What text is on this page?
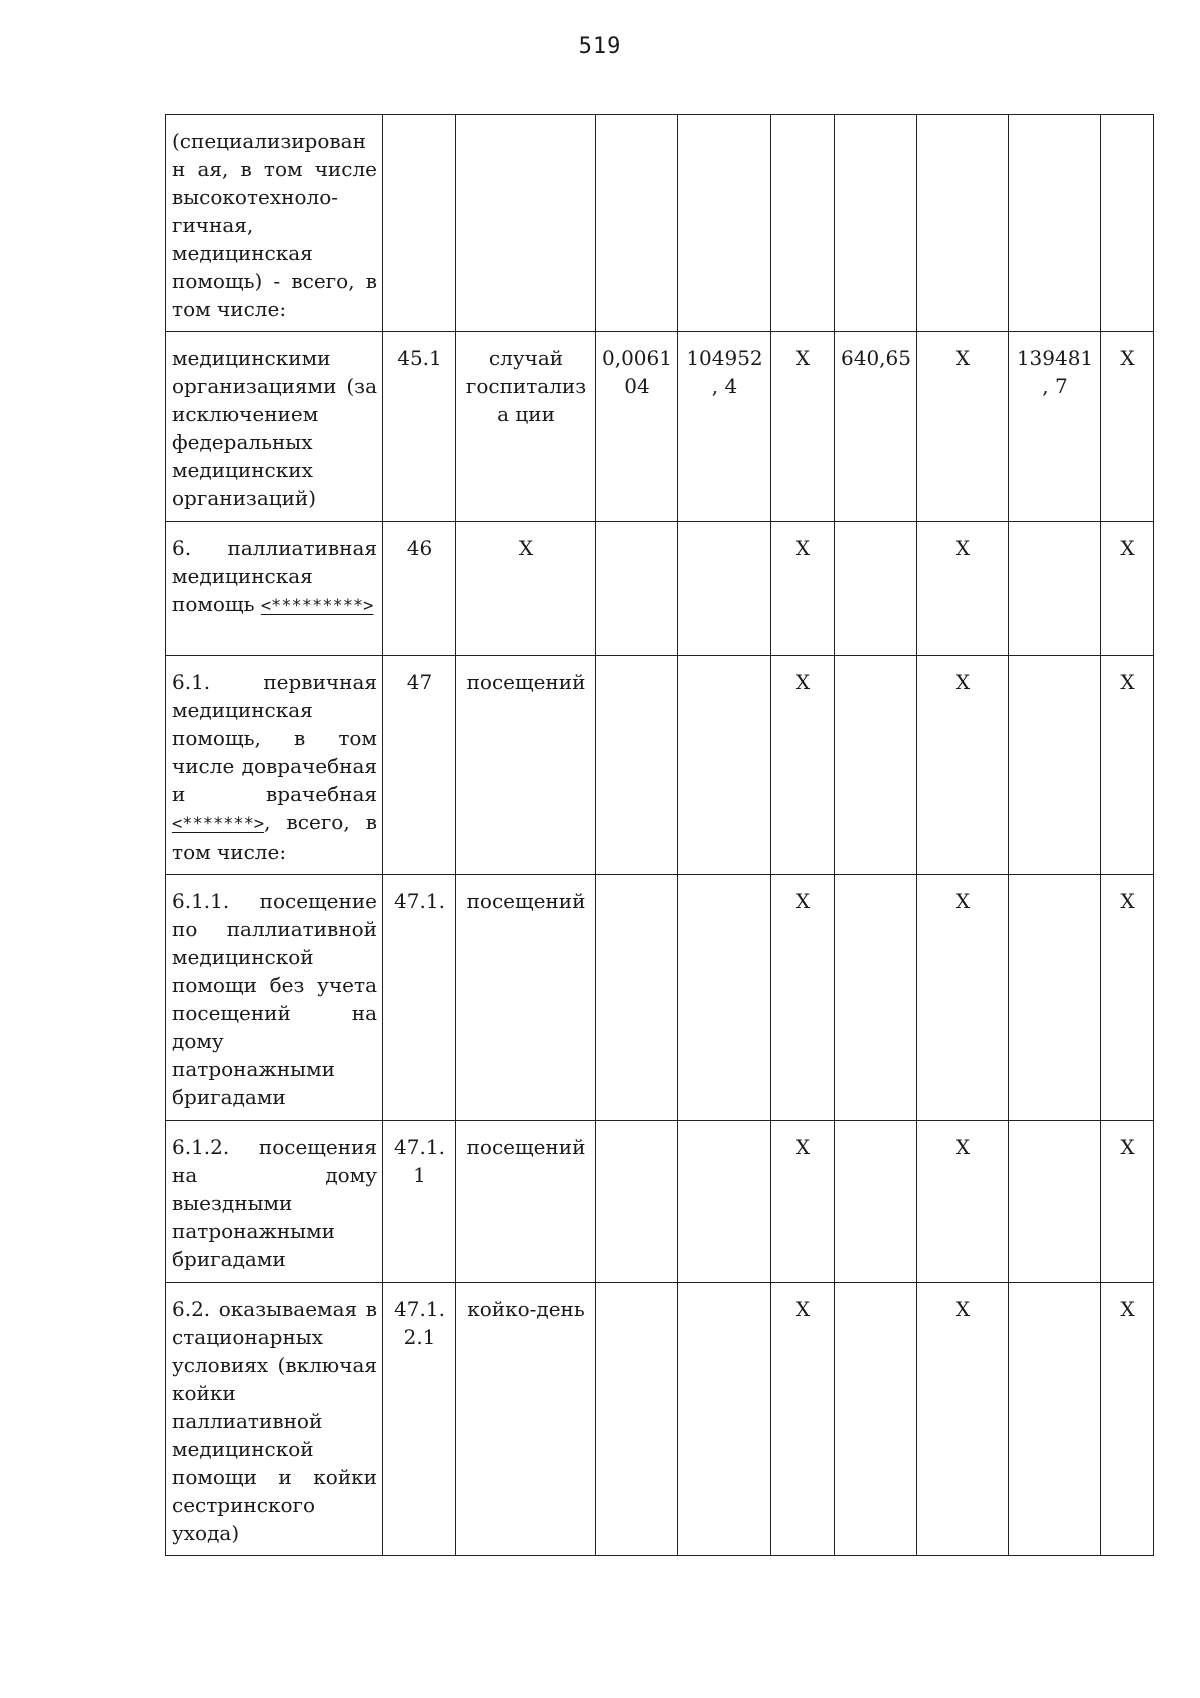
519
(специализированн ая, в том числе высокотехноло-гичная, медицинская помощь) - всего, в том числе:									
медицинскими организациями (за исключением федеральных медицинских организаций)	45.1	случай госпитализа ции	0,0061 04	104952, 4	Х	640,65	Х	139481, 7	Х
6. паллиативная медицинская помощь <*********>	46	Х			Х		Х		Х
6.1. первичная медицинская помощь, в том числе доврачебная и врачебная <*******>, всего, в том числе:	47	посещений			Х		Х		Х
6.1.1. посещение по паллиативной медицинской помощи без учета посещений на дому патронажными бригадами	47.1.	посещений			Х		Х		Х
6.1.2. посещения на дому выездными патронажными бригадами	47.1. 1	посещений			Х		Х		Х
6.2. оказываемая в стационарных условиях (включая койки паллиативной медицинской помощи и койки сестринского ухода)	47.1. 2.1	койко-день			Х		Х		Х
